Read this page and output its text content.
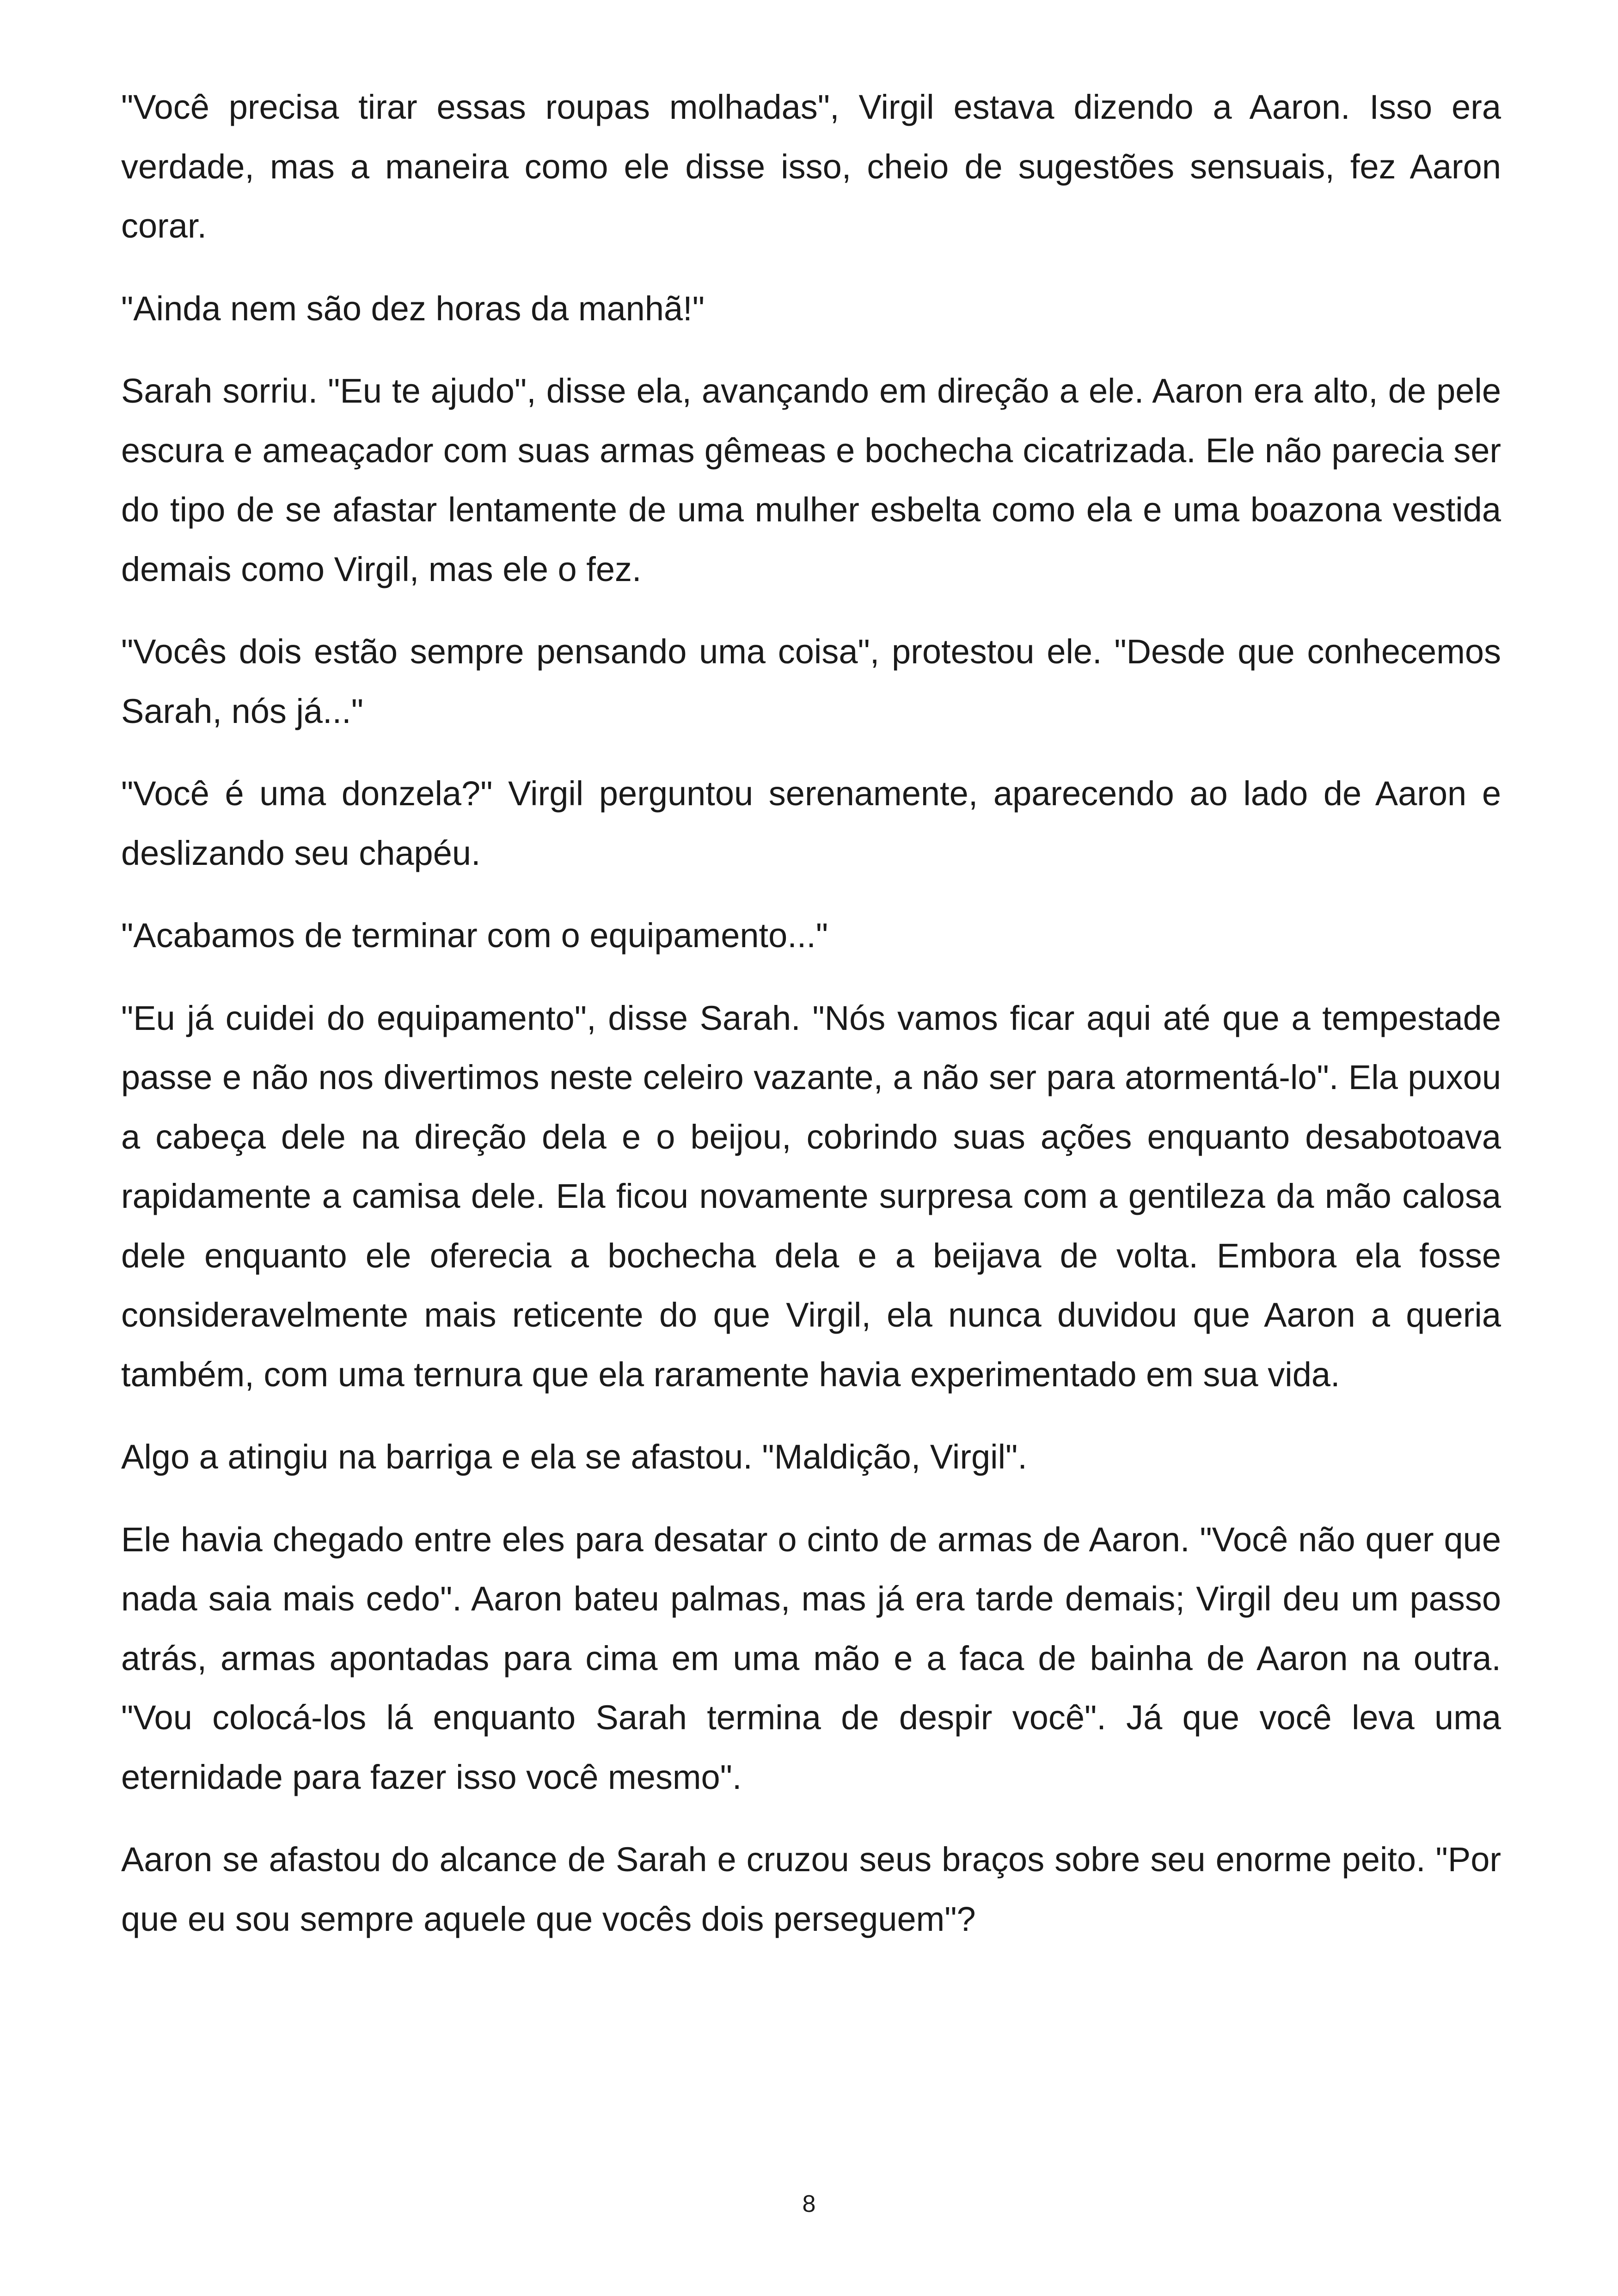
"Você precisa tirar essas roupas molhadas", Virgil estava dizendo a Aaron. Isso era verdade, mas a maneira como ele disse isso, cheio de sugestões sensuais, fez Aaron corar.

"Ainda nem são dez horas da manhã!"

Sarah sorriu. "Eu te ajudo", disse ela, avançando em direção a ele. Aaron era alto, de pele escura e ameaçador com suas armas gêmeas e bochecha cicatrizada. Ele não parecia ser do tipo de se afastar lentamente de uma mulher esbelta como ela e uma boazona vestida demais como Virgil, mas ele o fez.

"Vocês dois estão sempre pensando uma coisa", protestou ele. "Desde que conhecemos Sarah, nós já..."

"Você é uma donzela?" Virgil perguntou serenamente, aparecendo ao lado de Aaron e deslizando seu chapéu.

"Acabamos de terminar com o equipamento..."

"Eu já cuidei do equipamento", disse Sarah. "Nós vamos ficar aqui até que a tempestade passe e não nos divertimos neste celeiro vazante, a não ser para atormentá-lo". Ela puxou a cabeça dele na direção dela e o beijou, cobrindo suas ações enquanto desabotoava rapidamente a camisa dele. Ela ficou novamente surpresa com a gentileza da mão calosa dele enquanto ele oferecia a bochecha dela e a beijava de volta. Embora ela fosse consideravelmente mais reticente do que Virgil, ela nunca duvidou que Aaron a queria também, com uma ternura que ela raramente havia experimentado em sua vida.

Algo a atingiu na barriga e ela se afastou. "Maldição, Virgil".

Ele havia chegado entre eles para desatar o cinto de armas de Aaron. "Você não quer que nada saia mais cedo". Aaron bateu palmas, mas já era tarde demais; Virgil deu um passo atrás, armas apontadas para cima em uma mão e a faca de bainha de Aaron na outra. "Vou colocá-los lá enquanto Sarah termina de despir você". Já que você leva uma eternidade para fazer isso você mesmo".

Aaron se afastou do alcance de Sarah e cruzou seus braços sobre seu enorme peito. "Por que eu sou sempre aquele que vocês dois perseguem"?

8
